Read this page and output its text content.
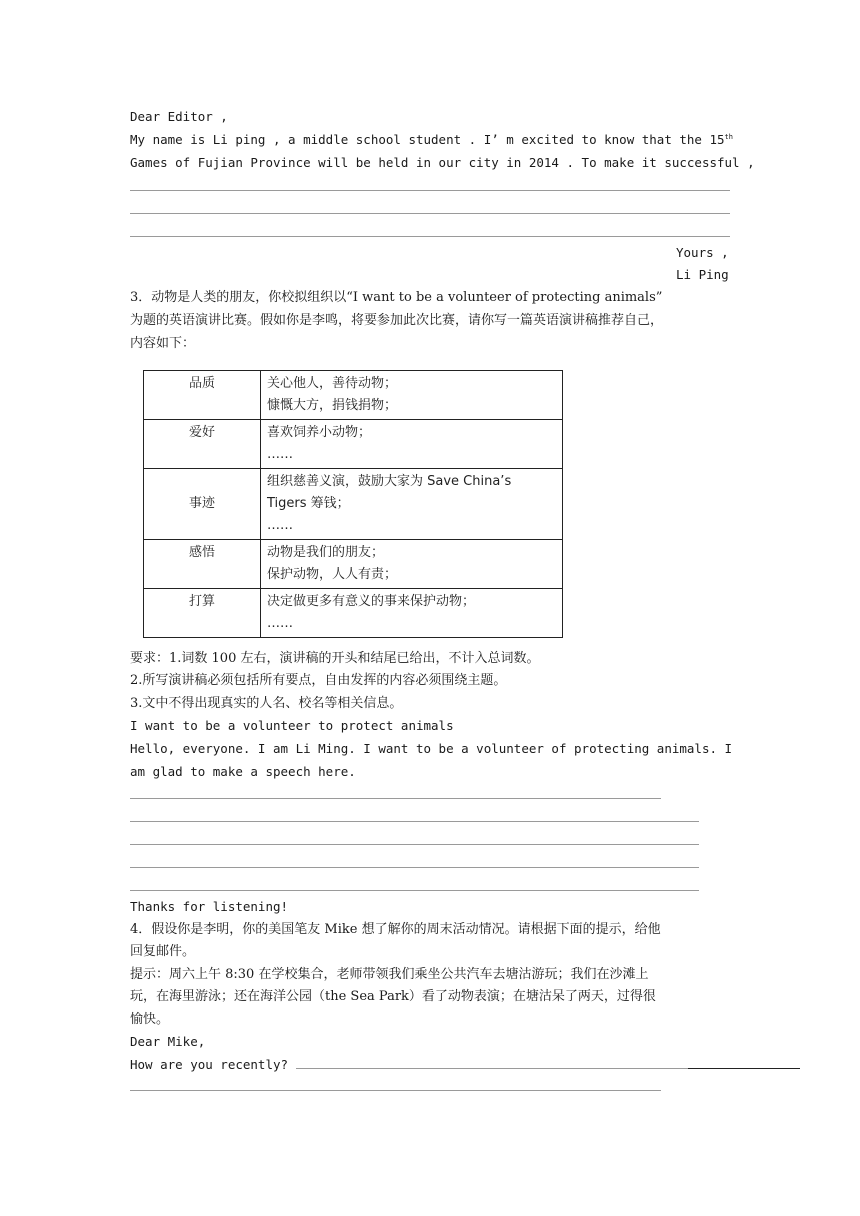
Dear Editor ,
My name is Li ping , a middle school student . I’ m excited to know that the 15th
Games of Fujian Province will be held in our city in 2014 . To make it successful ,
Yours ,
Li Ping
3．动物是人类的朋友，你校拟组织以“I want to be a volunteer of protecting animals”
为题的英语演讲比赛。假如你是李鸣，将要参加此次比赛，请你写一篇英语演讲稿推荐自己，
内容如下：
品质	关心他人，善待动物；
慷慨大方，捐钱捐物；

爱好	喜欢饲养小动物；
……

事迹	组织慈善义演，鼓励大家为 Save China’s
Tigers 筹钱；
……

感悟	动物是我们的朋友；
保护动物，人人有责；

打算	决定做更多有意义的事来保护动物；
……
要求：1.词数 100 左右，演讲稿的开头和结尾已给出，不计入总词数。
2.所写演讲稿必须包括所有要点，自由发挥的内容必须围绕主题。
3.文中不得出现真实的人名、校名等相关信息。
I want to be a volunteer to protect animals
Hello, everyone. I am Li Ming. I want to be a volunteer of protecting animals. I
am glad to make a speech here.
Thanks for listening!
4．假设你是李明，你的美国笔友 Mike 想了解你的周末活动情况。请根据下面的提示，给他
回复邮件。
提示：周六上午 8:30 在学校集合，老师带领我们乘坐公共汽车去塘沽游玩；我们在沙滩上
玩，在海里游泳；还在海洋公园（the Sea Park）看了动物表演；在塘沽呆了两天，过得很
愉快。
Dear Mike,
How are you recently?
